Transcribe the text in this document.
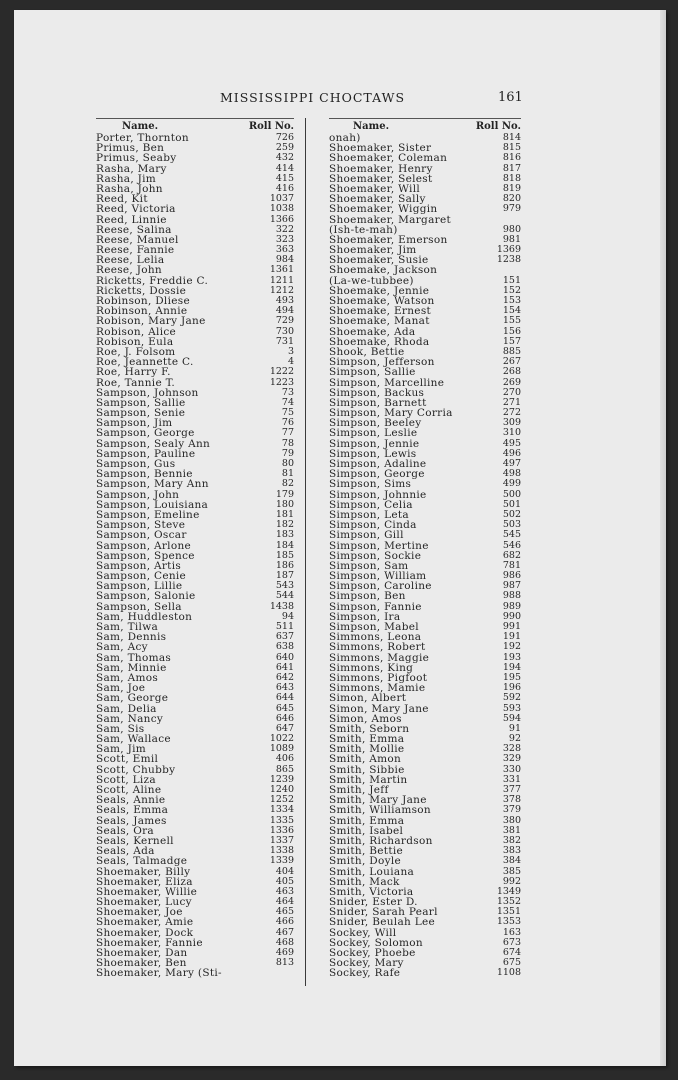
MISSISSIPPI CHOCTAWS	161
Name.	Roll No.
Porter, Thornton	726
Primus, Ben	259
Primus, Seaby	432
Rasha, Mary	414
Rasha, Jim	415
Rasha, John	416
Reed, Kit	1037
Reed, Victoria	1038
Reed, Linnie	1366
Reese, Salina	322
Reese, Manuel	323
Reese, Fannie	363
Reese, Lelia	984
Reese, John	1361
Ricketts, Freddie C.	1211
Ricketts, Dossie	1212
Robinson, Dliese	493
Robinson, Annie	494
Robison, Mary Jane	729
Robison, Alice	730
Robison, Eula	731
Roe, J. Folsom	3
Roe, Jeannette C.	4
Roe, Harry F.	1222
Roe, Tannie T.	1223
Sampson, Johnson	73
Sampson, Sallie	74
Sampson, Senie	75
Sampson, Jim	76
Sampson, George	77
Sampson, Sealy Ann	78
Sampson, Pauline	79
Sampson, Gus	80
Sampson, Bennie	81
Sampson, Mary Ann	82
Sampson, John	179
Sampson, Louisiana	180
Sampson, Emeline	181
Sampson, Steve	182
Sampson, Oscar	183
Sampson, Arlone	184
Sampson, Spence	185
Sampson, Artis	186
Sampson, Cenie	187
Sampson, Lillie	543
Sampson, Salonie	544
Sampson, Sella	1438
Sam, Huddleston	94
Sam, Tilwa	511
Sam, Dennis	637
Sam, Acy	638
Sam, Thomas	640
Sam, Minnie	641
Sam, Amos	642
Sam, Joe	643
Sam, George	644
Sam, Delia	645
Sam, Nancy	646
Sam, Sis	647
Sam, Wallace	1022
Sam, Jim	1089
Scott, Emil	406
Scott, Chubby	865
Scott, Liza	1239
Scott, Aline	1240
Seals, Annie	1252
Seals, Emma	1334
Seals, James	1335
Seals, Ora	1336
Seals, Kernell	1337
Seals, Ada	1338
Seals, Talmadge	1339
Shoemaker, Billy	404
Shoemaker, Eliza	405
Shoemaker, Willie	463
Shoemaker, Lucy	464
Shoemaker, Joe	465
Shoemaker, Amie	466
Shoemaker, Dock	467
Shoemaker, Fannie	468
Shoemaker, Dan	469
Shoemaker, Ben	813
Shoemaker, Mary (Sti-
Name.	Roll No.
onah)	814
Shoemaker, Sister	815
Shoemaker, Coleman	816
Shoemaker, Henry	817
Shoemaker, Selest	818
Shoemaker, Will	819
Shoemaker, Sally	820
Shoemaker, Wiggin	979
Shoemaker, Margaret
(Ish-te-mah)	980
Shoemaker, Emerson	981
Shoemaker, Jim	1369
Shoemaker, Susie	1238
Shoemake, Jackson
(La-we-tubbee)	151
Shoemake, Jennie	152
Shoemake, Watson	153
Shoemake, Ernest	154
Shoemake, Manat	155
Shoemake, Ada	156
Shoemake, Rhoda	157
Shook, Bettie	885
Simpson, Jefferson	267
Simpson, Sallie	268
Simpson, Marcelline	269
Simpson, Backus	270
Simpson, Barnett	271
Simpson, Mary Corria	272
Simpson, Beeley	309
Simpson, Leslie	310
Simpson, Jennie	495
Simpson, Lewis	496
Simpson, Adaline	497
Simpson, George	498
Simpson, Sims	499
Simpson, Johnnie	500
Simpson, Celia	501
Simpson, Leta	502
Simpson, Cinda	503
Simpson, Gill	545
Simpson, Mertine	546
Simpson, Sockie	682
Simpson, Sam	781
Simpson, William	986
Simpson, Caroline	987
Simpson, Ben	988
Simpson, Fannie	989
Simpson, Ira	990
Simpson, Mabel	991
Simmons, Leona	191
Simmons, Robert	192
Simmons, Maggie	193
Simmons, King	194
Simmons, Pigfoot	195
Simmons, Mamie	196
Simon, Albert	592
Simon, Mary Jane	593
Simon, Amos	594
Smith, Seborn	91
Smith, Emma	92
Smith, Mollie	328
Smith, Amon	329
Smith, Sibbie	330
Smith, Martin	331
Smith, Jeff	377
Smith, Mary Jane	378
Smith, Williamson	379
Smith, Emma	380
Smith, Isabel	381
Smith, Richardson	382
Smith, Bettie	383
Smith, Doyle	384
Smith, Louiana	385
Smith, Mack	992
Smith, Victoria	1349
Snider, Ester D.	1352
Snider, Sarah Pearl	1351
Snider, Beulah Lee	1353
Sockey, Will	163
Sockey, Solomon	673
Sockey, Phoebe	674
Sockey, Mary	675
Sockey, Rafe	1108
